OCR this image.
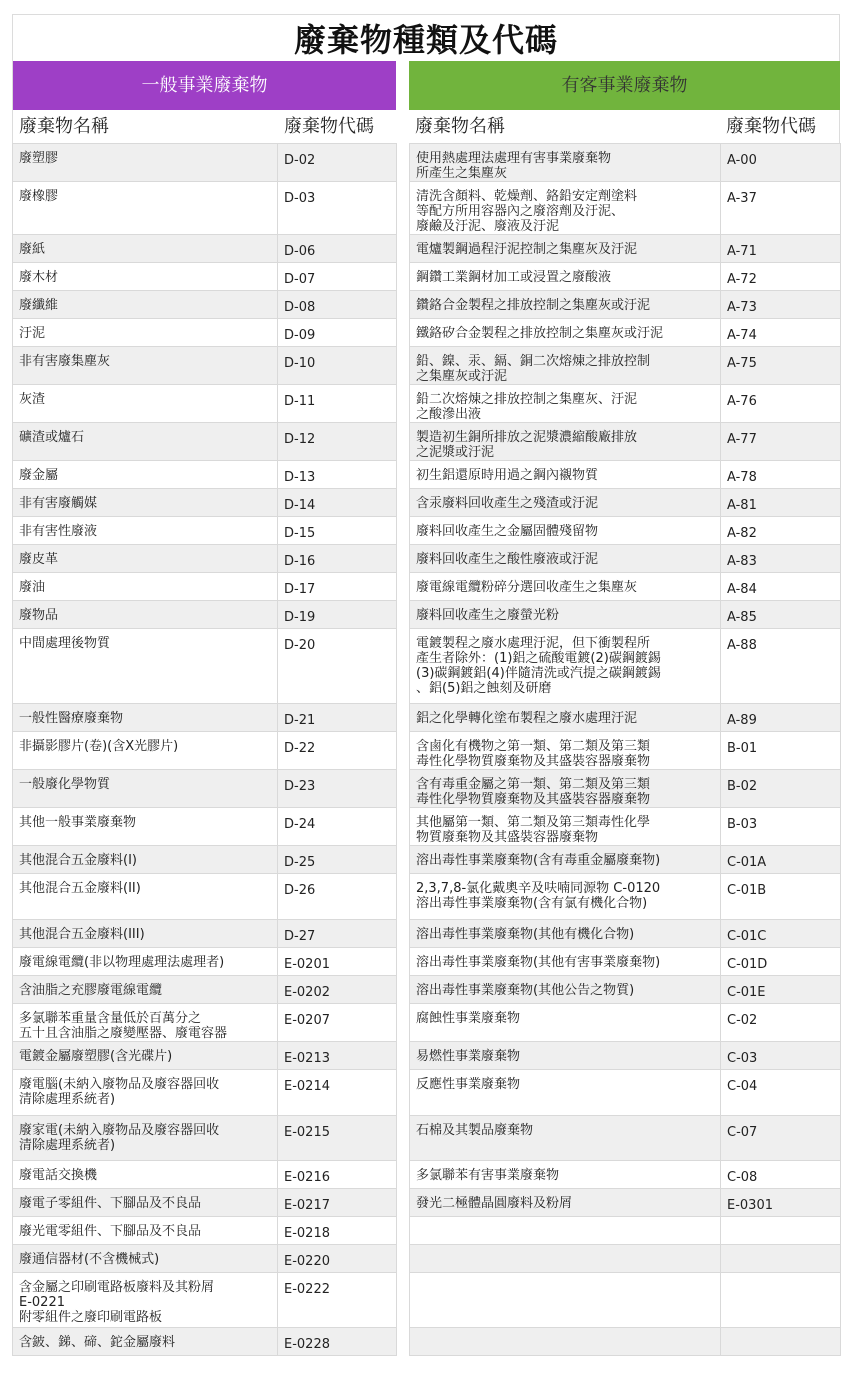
廢棄物種類及代碼
一般事業廢棄物	有客事業廢棄物
廢棄物名稱	廢棄物代碼 廢棄物名稱	廢棄物代碼
廢塑膠	D-02		使用熱處理法處理有害事業廢棄物
所產生之集塵灰	A-00
廢橡膠	D-03		清洗含顏料、乾燥劑、鉻鉛安定劑塗料
等配方所用容器內之廢溶劑及汙泥、
廢鹼及汙泥、廢液及汙泥	A-37
廢紙	D-06		電爐製鋼過程汙泥控制之集塵灰及汙泥	A-71
廢木材	D-07		鋼鑽工業鋼材加工或浸置之廢酸液	A-72
廢纖維	D-08		鑽鉻合金製程之排放控制之集塵灰或汙泥	A-73
汙泥	D-09		鐵鉻矽合金製程之排放控制之集塵灰或汙泥	A-74
非有害廢集塵灰	D-10		鉛、鎳、汞、鎘、銅二次熔煉之排放控制
之集塵灰或汙泥	A-75
灰渣	D-11		鉛二次熔煉之排放控制之集塵灰、汙泥
之酸滲出液	A-76
礦渣或爐石	D-12		製造初生銅所排放之泥漿濃縮酸廠排放
之泥漿或汙泥	A-77
廢金屬	D-13		初生鋁還原時用過之鋼內襯物質	A-78
非有害廢觸媒	D-14		含汞廢料回收產生之殘渣或汙泥	A-81
非有害性廢液	D-15		廢料回收產生之金屬固體殘留物	A-82
廢皮革	D-16		廢料回收產生之酸性廢液或汙泥	A-83
廢油	D-17		廢電線電纜粉碎分選回收產生之集塵灰	A-84
廢物品	D-19		廢料回收產生之廢螢光粉	A-85
中間處理後物質	D-20		電鍍製程之廢水處理汙泥，但下衝製程所
產生者除外：(1)鋁之硫酸電鍍(2)碳鋼鍍錫
(3)碳鋼鍍鋁(4)伴隨清洗或汽提之碳鋼鍍錫
、鋁(5)鋁之蝕刻及研磨	A-88
一般性醫療廢棄物	D-21		鋁之化學轉化塗布製程之廢水處理汙泥	A-89
非攝影膠片(卷)(含X光膠片)	D-22		含鹵化有機物之第一類、第二類及第三類
毒性化學物質廢棄物及其盛裝容器廢棄物	B-01
一般廢化學物質	D-23		含有毒重金屬之第一類、第二類及第三類
毒性化學物質廢棄物及其盛裝容器廢棄物	B-02
其他一般事業廢棄物	D-24		其他屬第一類、第二類及第三類毒性化學
物質廢棄物及其盛裝容器廢棄物	B-03
其他混合五金廢料(I)	D-25		溶出毒性事業廢棄物(含有毒重金屬廢棄物)	C-01A
其他混合五金廢料(II)	D-26		2,3,7,8-氯化戴奧辛及呋喃同源物 C-0120
溶出毒性事業廢棄物(含有氯有機化合物)	C-01B
其他混合五金廢料(III)	D-27		溶出毒性事業廢棄物(其他有機化合物)	C-01C
廢電線電纜(非以物理處理法處理者)	E-0201		溶出毒性事業廢棄物(其他有害事業廢棄物)	C-01D
含油脂之充膠廢電線電纜	E-0202		溶出毒性事業廢棄物(其他公告之物質)	C-01E
多氯聯苯重量含量低於百萬分之
五十且含油脂之廢變壓器、廢電容器	E-0207		腐蝕性事業廢棄物	C-02
電鍍金屬廢塑膠(含光碟片)	E-0213		易燃性事業廢棄物	C-03
廢電腦(未納入廢物品及廢容器回收
清除處理系統者)	E-0214		反應性事業廢棄物	C-04
廢家電(未納入廢物品及廢容器回收
清除處理系統者)	E-0215		石棉及其製品廢棄物	C-07
廢電話交換機	E-0216		多氯聯苯有害事業廢棄物	C-08
廢電子零組件、下腳品及不良品	E-0217		發光二極體晶圓廢料及粉屑	E-0301
廢光電零組件、下腳品及不良品	E-0218			
廢通信器材(不含機械式)	E-0220			
含金屬之印刷電路板廢料及其粉屑
E-0221
附零組件之廢印刷電路板	E-0222			
含鈹、銻、碲、鉈金屬廢料	E-0228			
